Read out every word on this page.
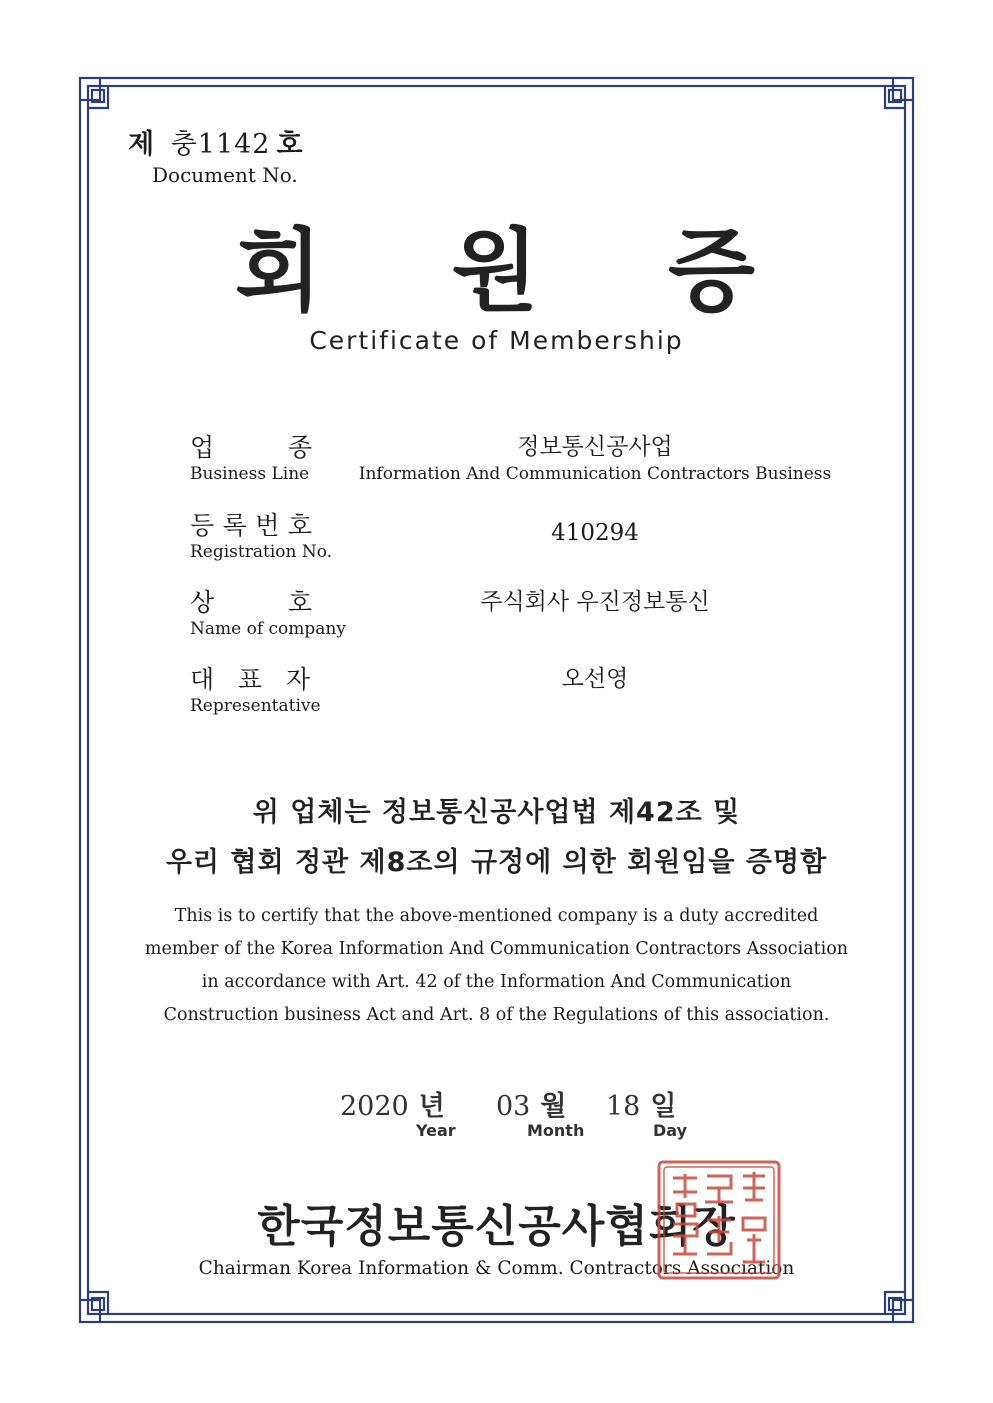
제 충1142 호
Document No.
회 원 증
Certificate of Membership
업	종
Business Line
정보통신공사업
Information And Communication Contractors Business
등 록 번 호
Registration No.
410294
상	호
Name of company
주식회사 우진정보통신
대 표 자
Representative
오선영
위 업체는 정보통신공사업법 제42조 및
우리 협회 정관 제8조의 규정에 의한 회원임을 증명함
This is to certify that the above-mentioned company is a duty accredited
member of the Korea Information And Communication Contractors Association
in accordance with Art. 42 of the Information And Communication
Construction business Act and Art. 8 of the Regulations of this association.
2020 년 03 월 18 일
Year	Month	Day
한국정보통신공사협회장
Chairman Korea Information & Comm. Contractors Association
